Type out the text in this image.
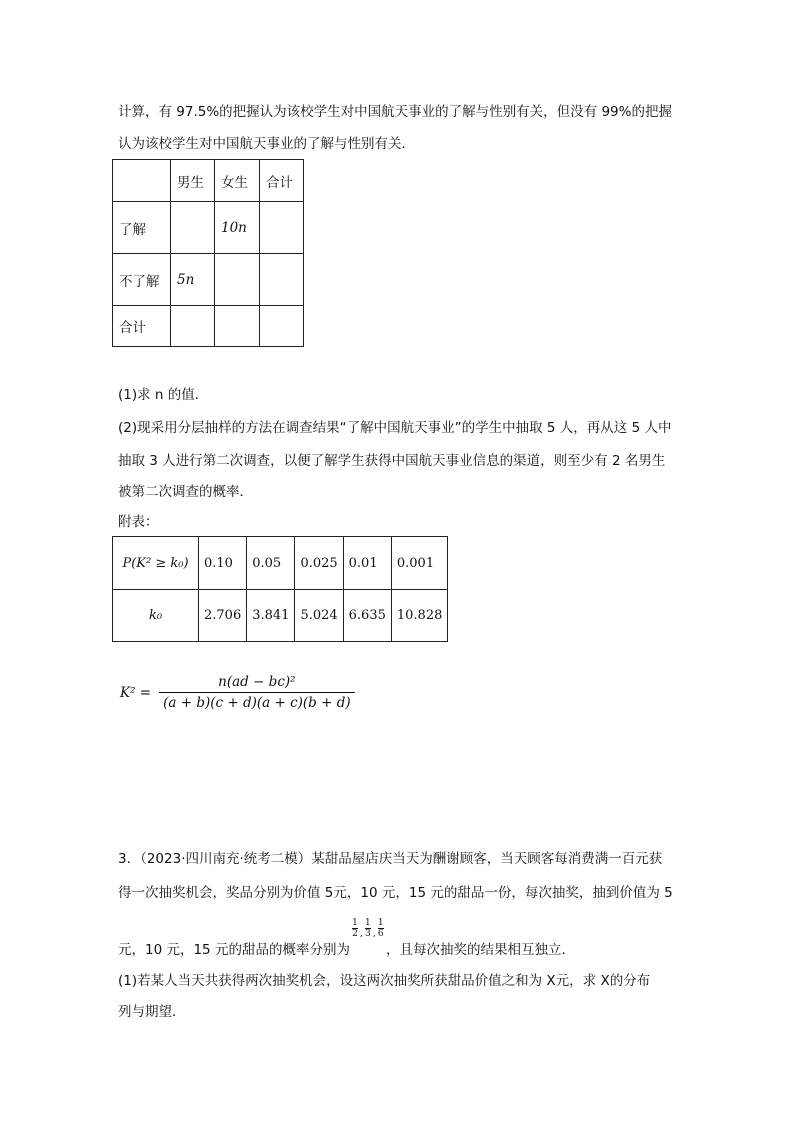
计算，有 97.5%的把握认为该校学生对中国航天事业的了解与性别有关，但没有 99%的把握
认为该校学生对中国航天事业的了解与性别有关．
	男生	女生	合计
了解		10n	
不了解	5n		
合计			
(1)求 n 的值．
(2)现采用分层抽样的方法在调查结果“了解中国航天事业”的学生中抽取 5 人，再从这 5 人中
抽取 3 人进行第二次调查，以便了解学生获得中国航天事业信息的渠道，则至少有 2 名男生
被第二次调查的概率．
附表：
P(K² ≥ k₀)	0.10	0.05	0.025	0.01	0.001
k₀	2.706	3.841	5.024	6.635	10.828
$K^2 = \frac{\text{n(ad − bc)²}}{(a + b)(c + d)(a + c)(b + d)}$
3．（2023·四川南充·统考二模）某甜品屋店庆当天为酬谢顾客，当天顾客每消费满一百元获
得一次抽奖机会，奖品分别为价值 5元，10 元，15 元的甜品一份，每次抽奖，抽到价值为 5
元，10 元，15 元的甜品的概率分别为	，且每次抽奖的结果相互独立．
1
2 ,
1
3 ,
1
6
(1)若某人当天共获得两次抽奖机会，设这两次抽奖所获甜品价值之和为 X元，求 X的分布
列与期望．
